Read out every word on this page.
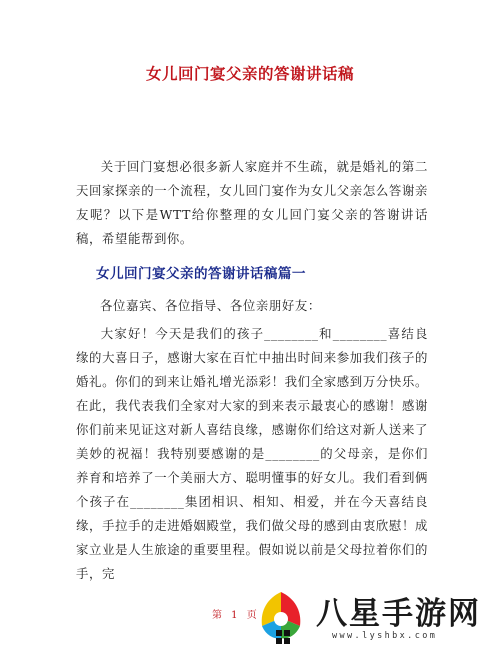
女儿回门宴父亲的答谢讲话稿

关于回门宴想必很多新人家庭并不生疏，就是婚礼的第二天回家探亲的一个流程，女儿回门宴作为女儿父亲怎么答谢亲友呢？以下是WTT给你整理的女儿回门宴父亲的答谢讲话稿，希望能帮到你。

女儿回门宴父亲的答谢讲话稿篇一
各位嘉宾、各位指导、各位亲朋好友：

大家好！今天是我们的孩子________和________喜结良缘的大喜日子，感谢大家在百忙中抽出时间来参加我们孩子的婚礼。你们的到来让婚礼增光添彩！我们全家感到万分快乐。在此，我代表我们全家对大家的到来表示最衷心的感谢！感谢你们前来见证这对新人喜结良缘，感谢你们给这对新人送来了美妙的祝福！我特别要感谢的是________的父母亲，是你们养育和培养了一个美丽大方、聪明懂事的好女儿。我们看到俩个孩子在________集团相识、相知、相爱，并在今天喜结良缘，手拉手的走进婚姻殿堂，我们做父母的感到由衷欣慰！成家立业是人生旅途的重要里程。假如说以前是父母拉着你们的手，完

第 1 页 八星手游网
www.lyshbx.com
